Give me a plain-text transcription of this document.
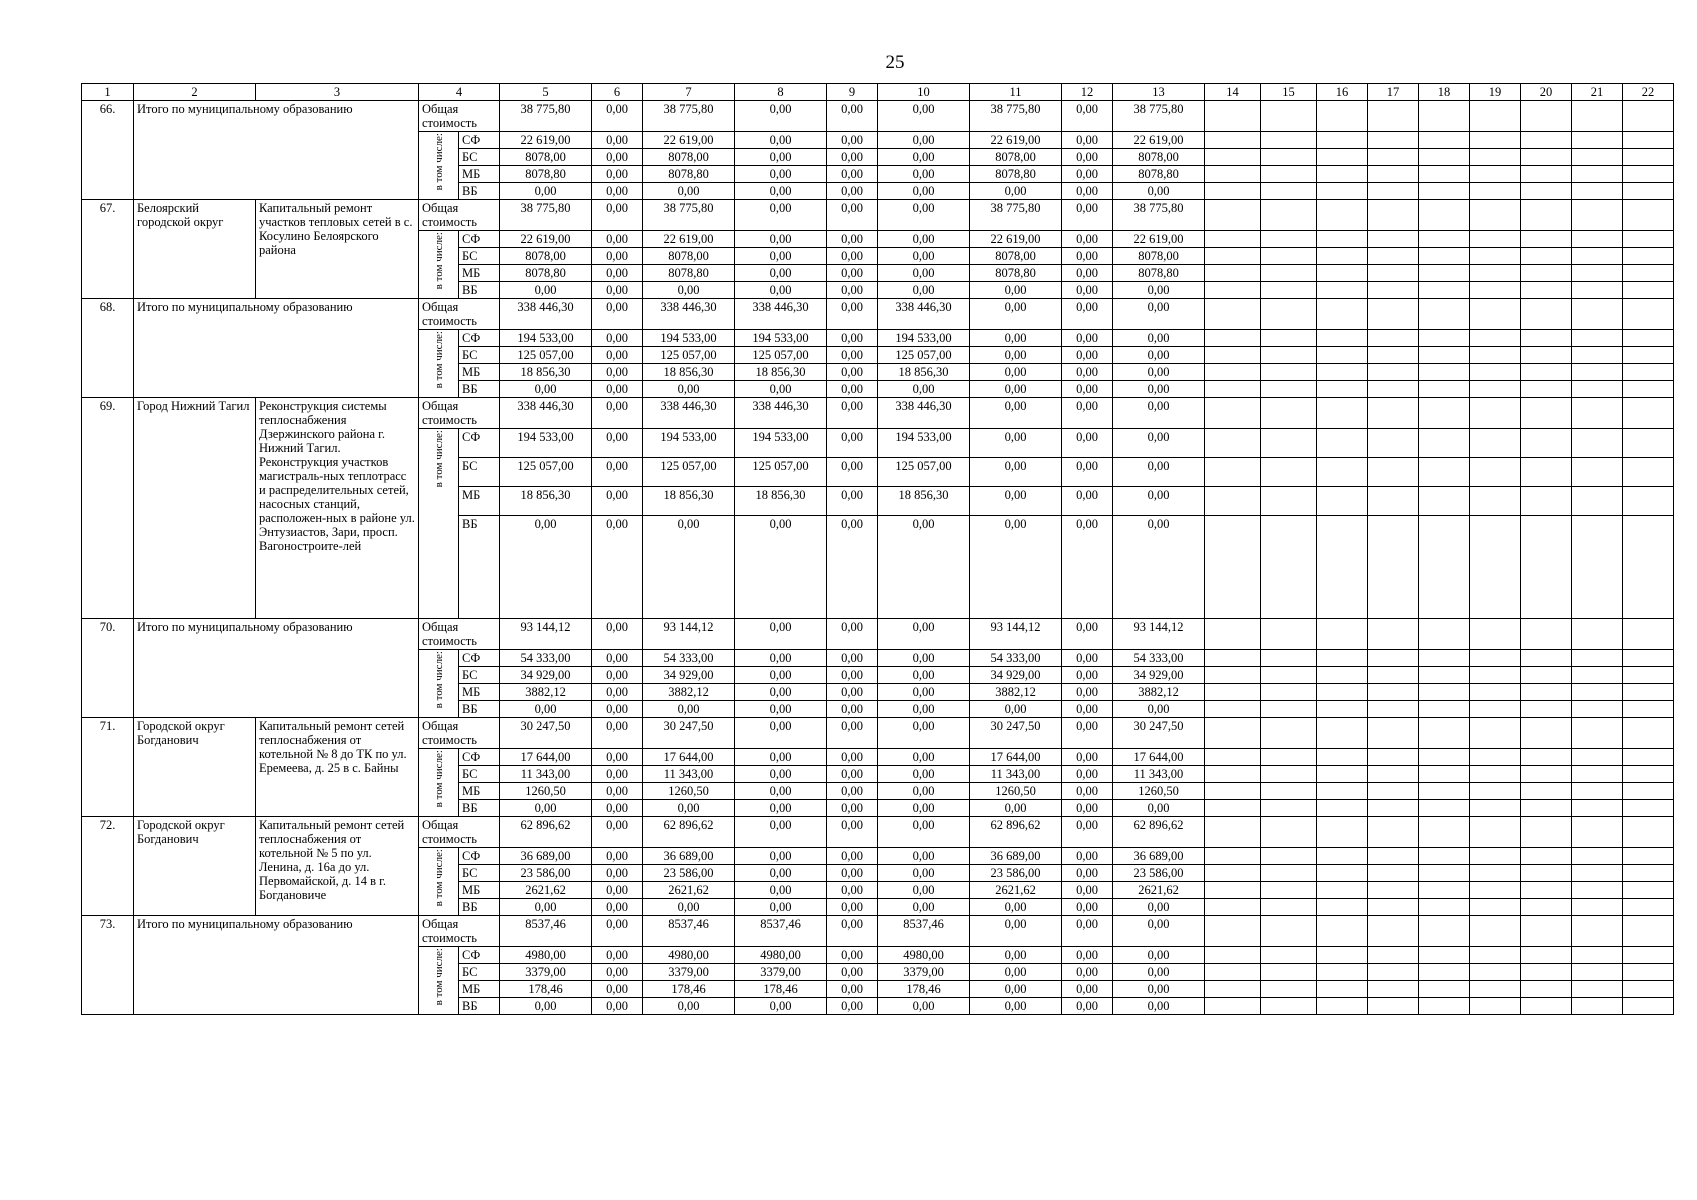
25
1	2	3	4		5	6	7	8	9	10	11	12	13	14	15	16	17	18	19	20	21	22
66.	Итого по муниципальному образованию		Общая стоимость		38 775,80	0,00	38 775,80	0,00	0,00	0,00	38 775,80	0,00	38 775,80									
			в том числе:	СФ	22 619,00	0,00	22 619,00	0,00	0,00	0,00	22 619,00	0,00	22 619,00									
				БС	8078,00	0,00	8078,00	0,00	0,00	0,00	8078,00	0,00	8078,00									
				МБ	8078,80	0,00	8078,80	0,00	0,00	0,00	8078,80	0,00	8078,80									
				ВБ	0,00	0,00	0,00	0,00	0,00	0,00	0,00	0,00	0,00									
67.	Белоярский городской округ	Капитальный ремонт участков тепловых сетей в с. Косулино Белоярского района	Общая стоимость		38 775,80	0,00	38 775,80	0,00	0,00	0,00	38 775,80	0,00	38 775,80									
			в том числе:	СФ	22 619,00	0,00	22 619,00	0,00	0,00	0,00	22 619,00	0,00	22 619,00									
				БС	8078,00	0,00	8078,00	0,00	0,00	0,00	8078,00	0,00	8078,00									
				МБ	8078,80	0,00	8078,80	0,00	0,00	0,00	8078,80	0,00	8078,80									
				ВБ	0,00	0,00	0,00	0,00	0,00	0,00	0,00	0,00	0,00									
68.	Итого по муниципальному образованию		Общая стоимость		338 446,30	0,00	338 446,30	338 446,30	0,00	338 446,30	0,00	0,00	0,00									
			в том числе:	СФ	194 533,00	0,00	194 533,00	194 533,00	0,00	194 533,00	0,00	0,00	0,00									
				БС	125 057,00	0,00	125 057,00	125 057,00	0,00	125 057,00	0,00	0,00	0,00									
				МБ	18 856,30	0,00	18 856,30	18 856,30	0,00	18 856,30	0,00	0,00	0,00									
				ВБ	0,00	0,00	0,00	0,00	0,00	0,00	0,00	0,00	0,00									
69.	Город Нижний Тагил	Реконструкция системы теплоснабжения Дзержинского района г. Нижний Тагил. Реконструкция участков магистраль-ных теплотрасс и распределительных сетей, насосных станций, расположен-ных в районе ул. Энтузиастов, Зари, просп. Вагоностроите-лей	Общая стоимость		338 446,30	0,00	338 446,30	338 446,30	0,00	338 446,30	0,00	0,00	0,00									
			в том числе:	СФ	194 533,00	0,00	194 533,00	194 533,00	0,00	194 533,00	0,00	0,00	0,00									
				БС	125 057,00	0,00	125 057,00	125 057,00	0,00	125 057,00	0,00	0,00	0,00									
				МБ	18 856,30	0,00	18 856,30	18 856,30	0,00	18 856,30	0,00	0,00	0,00									
				ВБ	0,00	0,00	0,00	0,00	0,00	0,00	0,00	0,00	0,00									
70.	Итого по муниципальному образованию		Общая стоимость		93 144,12	0,00	93 144,12	0,00	0,00	0,00	93 144,12	0,00	93 144,12									
			в том числе:	СФ	54 333,00	0,00	54 333,00	0,00	0,00	0,00	54 333,00	0,00	54 333,00									
				БС	34 929,00	0,00	34 929,00	0,00	0,00	0,00	34 929,00	0,00	34 929,00									
				МБ	3882,12	0,00	3882,12	0,00	0,00	0,00	3882,12	0,00	3882,12									
				ВБ	0,00	0,00	0,00	0,00	0,00	0,00	0,00	0,00	0,00									
71.	Городской округ Богданович	Капитальный ремонт сетей теплоснабжения от котельной № 8 до ТК по ул. Еремеева, д. 25 в с. Байны	Общая стоимость		30 247,50	0,00	30 247,50	0,00	0,00	0,00	30 247,50	0,00	30 247,50									
			в том числе:	СФ	17 644,00	0,00	17 644,00	0,00	0,00	0,00	17 644,00	0,00	17 644,00									
				БС	11 343,00	0,00	11 343,00	0,00	0,00	0,00	11 343,00	0,00	11 343,00									
				МБ	1260,50	0,00	1260,50	0,00	0,00	0,00	1260,50	0,00	1260,50									
				ВБ	0,00	0,00	0,00	0,00	0,00	0,00	0,00	0,00	0,00									
72.	Городской округ Богданович	Капитальный ремонт сетей теплоснабжения от котельной № 5 по ул. Ленина, д. 16а до ул. Первомайской, д. 14 в г. Богдановиче	Общая стоимость		62 896,62	0,00	62 896,62	0,00	0,00	0,00	62 896,62	0,00	62 896,62									
			в том числе:	СФ	36 689,00	0,00	36 689,00	0,00	0,00	0,00	36 689,00	0,00	36 689,00									
				БС	23 586,00	0,00	23 586,00	0,00	0,00	0,00	23 586,00	0,00	23 586,00									
				МБ	2621,62	0,00	2621,62	0,00	0,00	0,00	2621,62	0,00	2621,62									
				ВБ	0,00	0,00	0,00	0,00	0,00	0,00	0,00	0,00	0,00									
73.	Итого по муниципальному образованию		Общая стоимость		8537,46	0,00	8537,46	8537,46	0,00	8537,46	0,00	0,00	0,00									
			в том числе:	СФ	4980,00	0,00	4980,00	4980,00	0,00	4980,00	0,00	0,00	0,00									
				БС	3379,00	0,00	3379,00	3379,00	0,00	3379,00	0,00	0,00	0,00									
				МБ	178,46	0,00	178,46	178,46	0,00	178,46	0,00	0,00	0,00									
				ВБ	0,00	0,00	0,00	0,00	0,00	0,00	0,00	0,00	0,00									
